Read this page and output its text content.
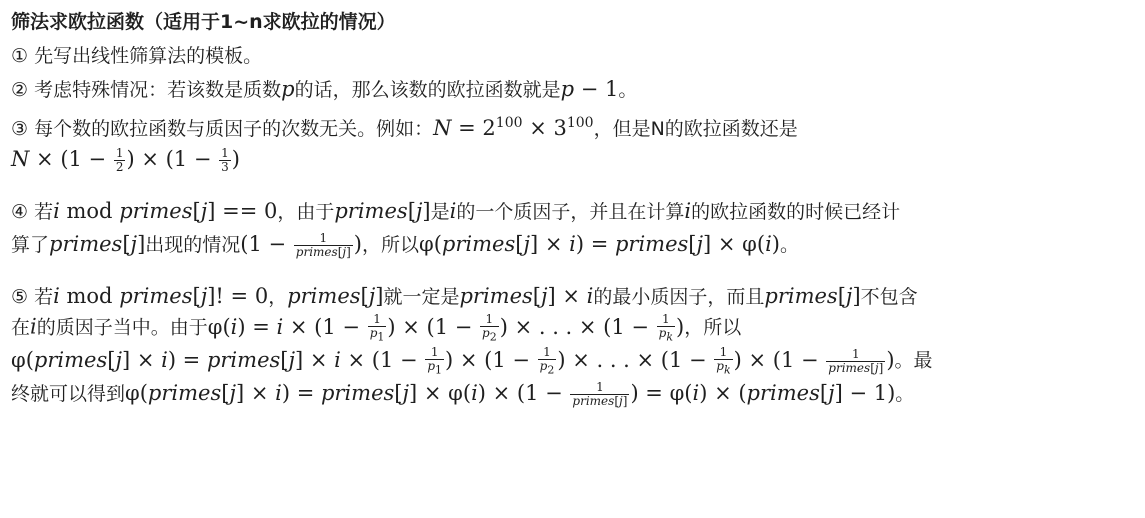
筛法求欧拉函数（适用于1~n求欧拉的情况）
① 先写出线性筛算法的模板。
② 考虑特殊情况：若该数是质数p的话，那么该数的欧拉函数就是p − 1。
③ 每个数的欧拉函数与质因子的次数无关。例如：$N = 2^{100} \times 3^{100}$，但是N的欧拉函数还是
$N \times (1 - \frac{1}{2}$ ) × ($1 - \frac{1}{3}$ )
④ 若i mod primes[j] == 0，由于primes[j]是i的一个质因子，并且在计算i的欧拉函数的时候已经计
算了primes[j]出现的情况($1 - \frac{1}{\text{primes[j]}}$ )，所以φ(primes[j] × i) = primes[j] × φ(i)。
⑤ 若i mod primes[j]! = 0，primes[j]就一定是primes[j] × i的最小质因子，而且primes[j]不包含
在i的质因子当中。由于$\varphi(i) = i \times (1 - \frac{1}{p_1}$ ) × ($1 - \frac{1}{p_2}$ ) × . . . × ($1 - \frac{1}{p_k}$ )，所以
φ(primes[j] × i) = primes[j] × $i \times (1 - \frac{1}{p_1}$ ) × ($1 - \frac{1}{p_2}$ ) × . . . × ($1 - \frac{1}{p_k}$ ) × ($1 - \frac{1}{\text{primes[j]}}$ )。最
终就可以得到φ(primes[j] × i) = primes[j] × $\varphi(i) \times (1 - \frac{1}{\text{primes[j]}}$ ) = φ(i) × (primes[j] − 1)。
